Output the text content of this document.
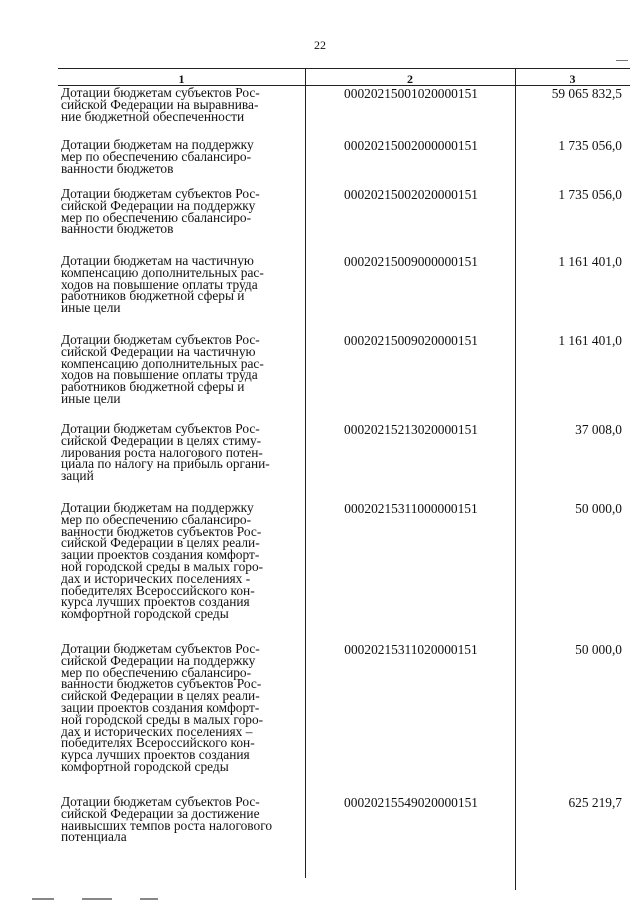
22
1	2	3
Дотации бюджетам субъектов Рос-
сийской Федерации на выравнива-
ние бюджетной обеспеченности
00020215001020000151	59 065 832,5
Дотации бюджетам на поддержку
мер по обеспечению сбалансиро-
ванности бюджетов
00020215002000000151	1 735 056,0
Дотации бюджетам субъектов Рос-
сийской Федерации на поддержку
мер по обеспечению сбалансиро-
ванности бюджетов
00020215002020000151	1 735 056,0
Дотации бюджетам на частичную
компенсацию дополнительных рас-
ходов на повышение оплаты труда
работников бюджетной сферы и
иные цели
00020215009000000151	1 161 401,0
Дотации бюджетам субъектов Рос-
сийской Федерации на частичную
компенсацию дополнительных рас-
ходов на повышение оплаты труда
работников бюджетной сферы и
иные цели
00020215009020000151	1 161 401,0
Дотации бюджетам субъектов Рос-
сийской Федерации в целях стиму-
лирования роста налогового потен-
циала по налогу на прибыль органи-
заций
00020215213020000151	37 008,0
Дотации бюджетам на поддержку
мер по обеспечению сбалансиро-
ванности бюджетов субъектов Рос-
сийской Федерации в целях реали-
зации проектов создания комфорт-
ной городской среды в малых горо-
дах и исторических поселениях -
победителях Всероссийского кон-
курса лучших проектов создания
комфортной городской среды
00020215311000000151	50 000,0
Дотации бюджетам субъектов Рос-
сийской Федерации на поддержку
мер по обеспечению сбалансиро-
ванности бюджетов субъектов Рос-
сийской Федерации в целях реали-
зации проектов создания комфорт-
ной городской среды в малых горо-
дах и исторических поселениях –
победителях Всероссийского кон-
курса лучших проектов создания
комфортной городской среды
00020215311020000151	50 000,0
Дотации бюджетам субъектов Рос-
сийской Федерации за достижение
наивысших темпов роста налогового
потенциала
00020215549020000151	625 219,7
